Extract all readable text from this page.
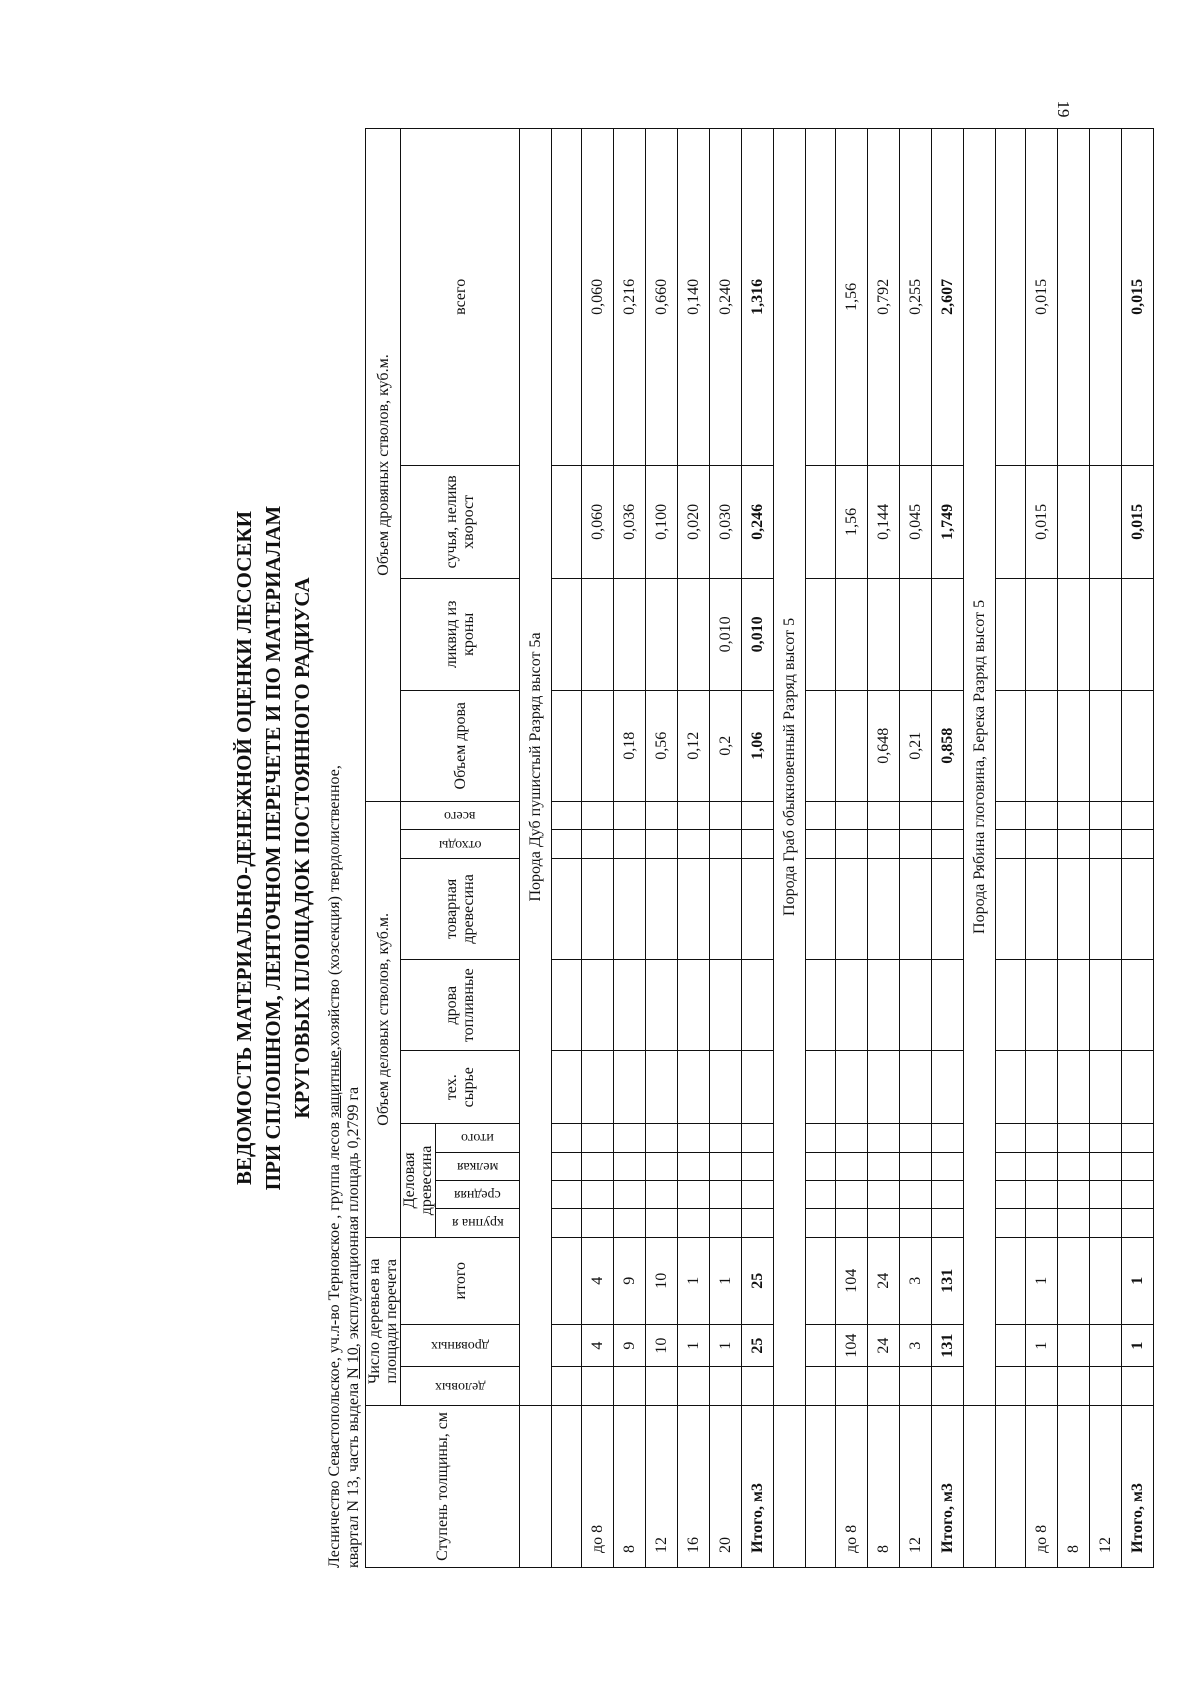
19
ВЕДОМОСТЬ МАТЕРИАЛЬНО-ДЕНЕЖНОЙ ОЦЕНКИ ЛЕСОСЕКИ ПРИ СПЛОШНОМ, ЛЕНТОЧНОМ ПЕРЕЧЕТЕ И ПО МАТЕРИАЛАМ КРУГОВЫХ ПЛОЩАДОК ПОСТОЯННОГО РАДИУСА
Лесничество Севастопольское, уч.л-во Терновское , группа лесов защитные,хозяйство (хозсекция) твердолиственное,
квартал N 13, часть выдела N 10, эксплуатационная площадь 0,2799 га
Ступень толщины, см	Число деревьев на площади перечета			Объем деловых стволов, куб.м.									Объем дровяных стволов, куб.м.			

	деловых	дровяных	итого	Деловая древесина				тех. сырье	дрова топливные	товарная древесина	отходы	всего	Объем дрова	ликвид из кроны	сучья, неликв хворост	всего

				крупна я	средняя	мелкая	итого									

	Порода Дуб пушистый Разряд высот 5а															

до 8		4	4												0,060	0,060
8		9	9										0,18		0,036	0,216
12		10	10										0,56		0,100	0,660
16		1	1										0,12		0,020	0,140
20		1	1										0,2	0,010	0,030	0,240
Итого, м3		25	25										1,06	0,010	0,246	1,316
	Порода Граб обыкновенный Разряд высот 5															

до 8		104	104												1,56	1,56
8		24	24										0,648		0,144	0,792
12		3	3										0,21		0,045	0,255
Итого, м3		131	131										0,858		1,749	2,607
	Порода Рябина глоговина, Берека Разряд высот 5															

до 8		1	1												0,015	0,015
8																
12																
Итого, м3		1	1												0,015	0,015
